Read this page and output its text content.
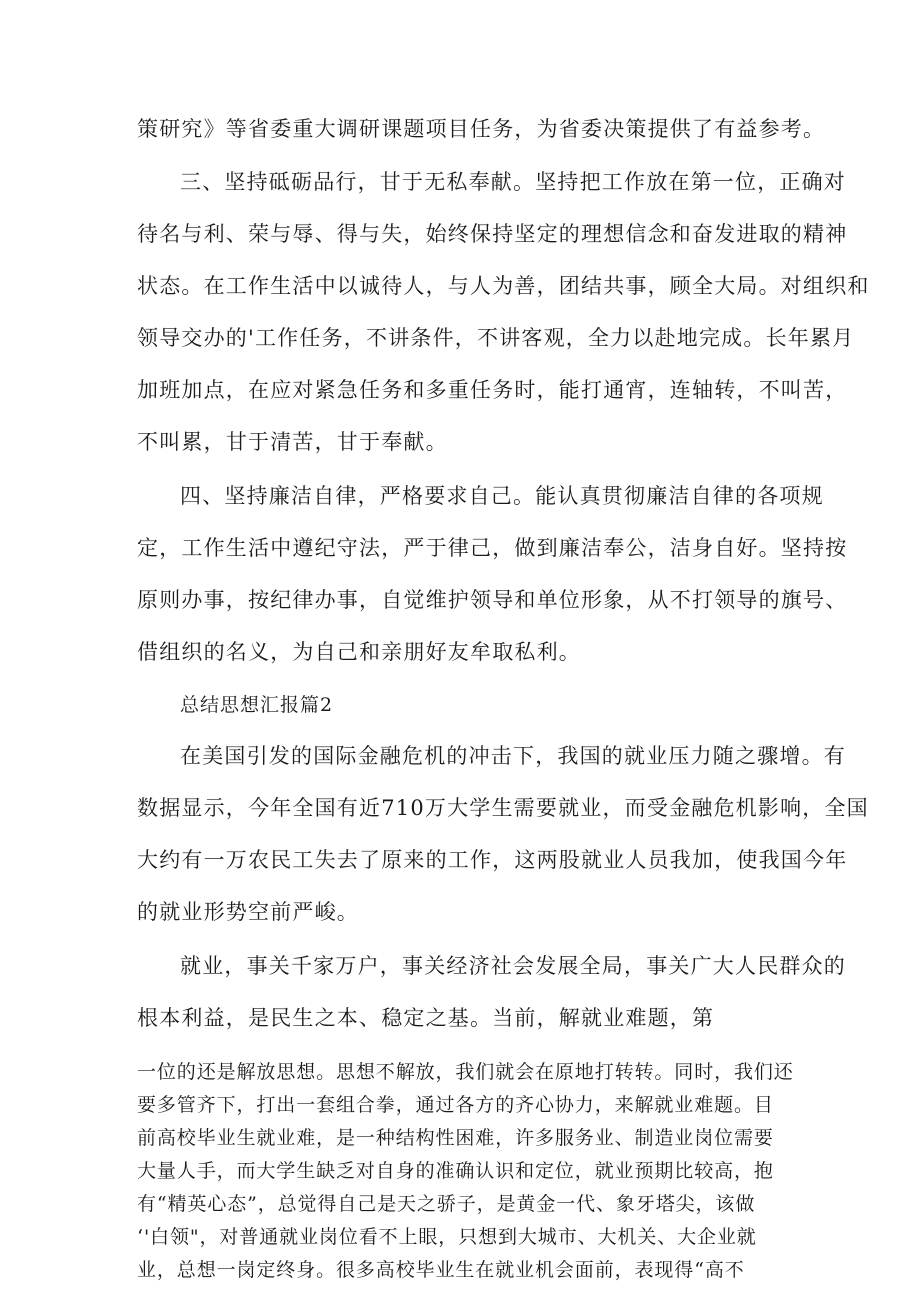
策研究》等省委重大调研课题项目任务，为省委决策提供了有益参考。
三、坚持砥砺品行，甘于无私奉献。坚持把工作放在第一位，正确对
待名与利、荣与辱、得与失，始终保持坚定的理想信念和奋发进取的精神
状态。在工作生活中以诚待人，与人为善，团结共事，顾全大局。对组织和
领导交办的'工作任务，不讲条件，不讲客观，全力以赴地完成。长年累月
加班加点，在应对紧急任务和多重任务时，能打通宵，连轴转，不叫苦，
不叫累，甘于清苦，甘于奉献。
四、坚持廉洁自律，严格要求自己。能认真贯彻廉洁自律的各项规
定，工作生活中遵纪守法，严于律己，做到廉洁奉公，洁身自好。坚持按
原则办事，按纪律办事，自觉维护领导和单位形象，从不打领导的旗号、
借组织的名义，为自己和亲朋好友牟取私利。
总结思想汇报篇2
在美国引发的国际金融危机的冲击下，我国的就业压力随之骤增。有
数据显示，今年全国有近710万大学生需要就业，而受金融危机影响，全国
大约有一万农民工失去了原来的工作，这两股就业人员我加，使我国今年
的就业形势空前严峻。
就业，事关千家万户，事关经济社会发展全局，事关广大人民群众的
根本利益，是民生之本、稳定之基。当前，解就业难题，第
一位的还是解放思想。思想不解放，我们就会在原地打转转。同时，我们还
要多管齐下，打出一套组合拳，通过各方的齐心协力，来解就业难题。目
前高校毕业生就业难，是一种结构性困难，许多服务业、制造业岗位需要
大量人手，而大学生缺乏对自身的准确认识和定位，就业预期比较高，抱
有“精英心态”，总觉得自己是天之骄子，是黄金一代、象牙塔尖，该做
‘'白领"，对普通就业岗位看不上眼，只想到大城市、大机关、大企业就
业，总想一岗定终身。很多高校毕业生在就业机会面前，表现得“高不
